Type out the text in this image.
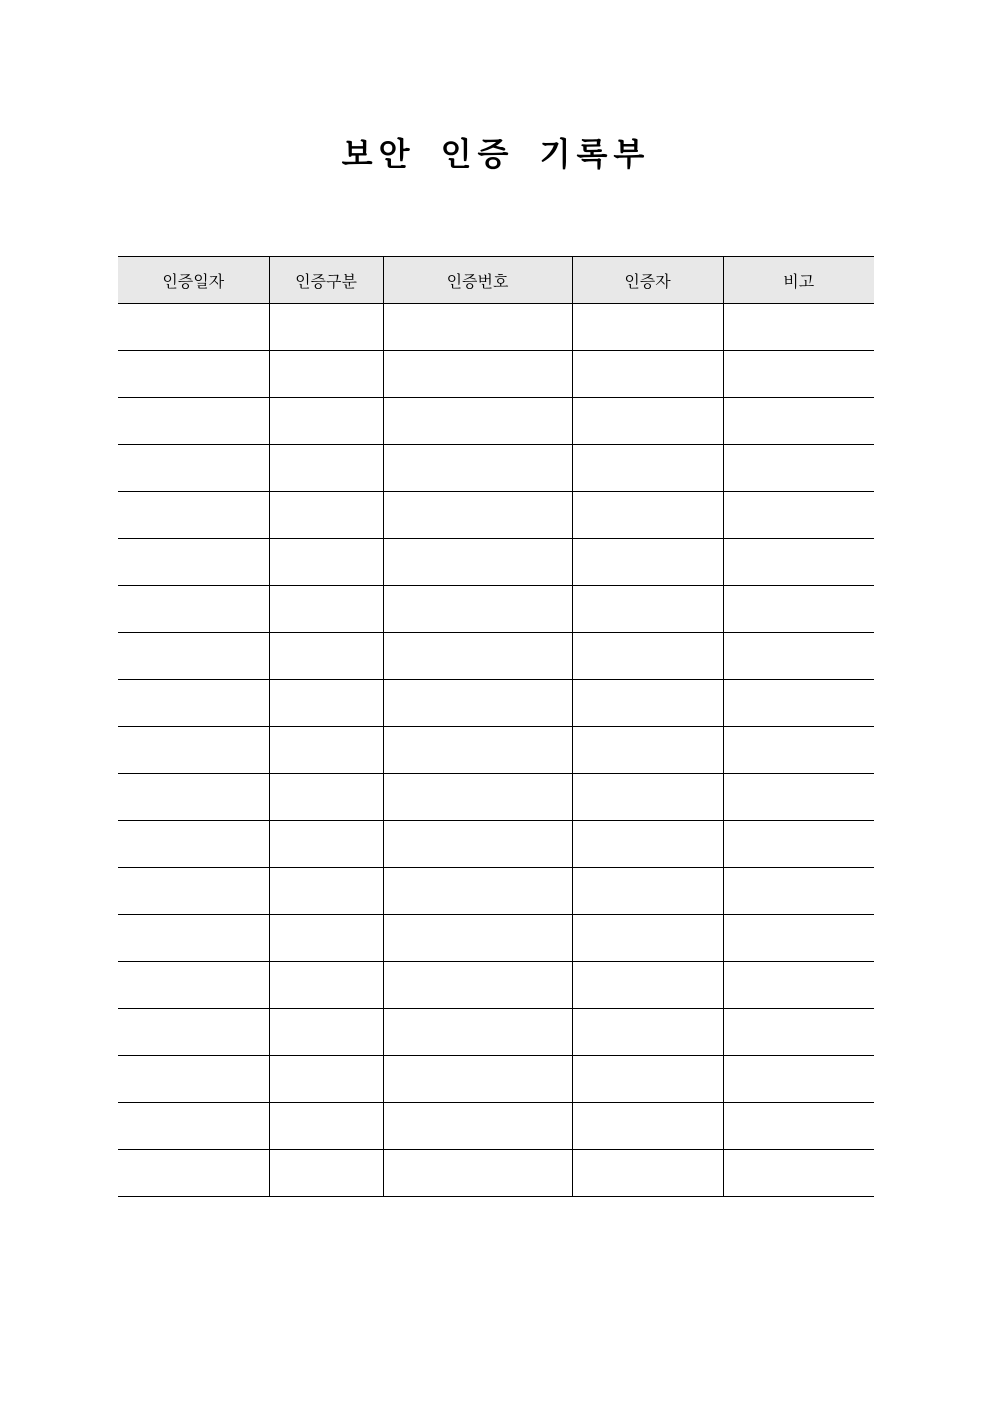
보안 인증 기록부
인증일자	인증구분	인증번호	인증자	비고
